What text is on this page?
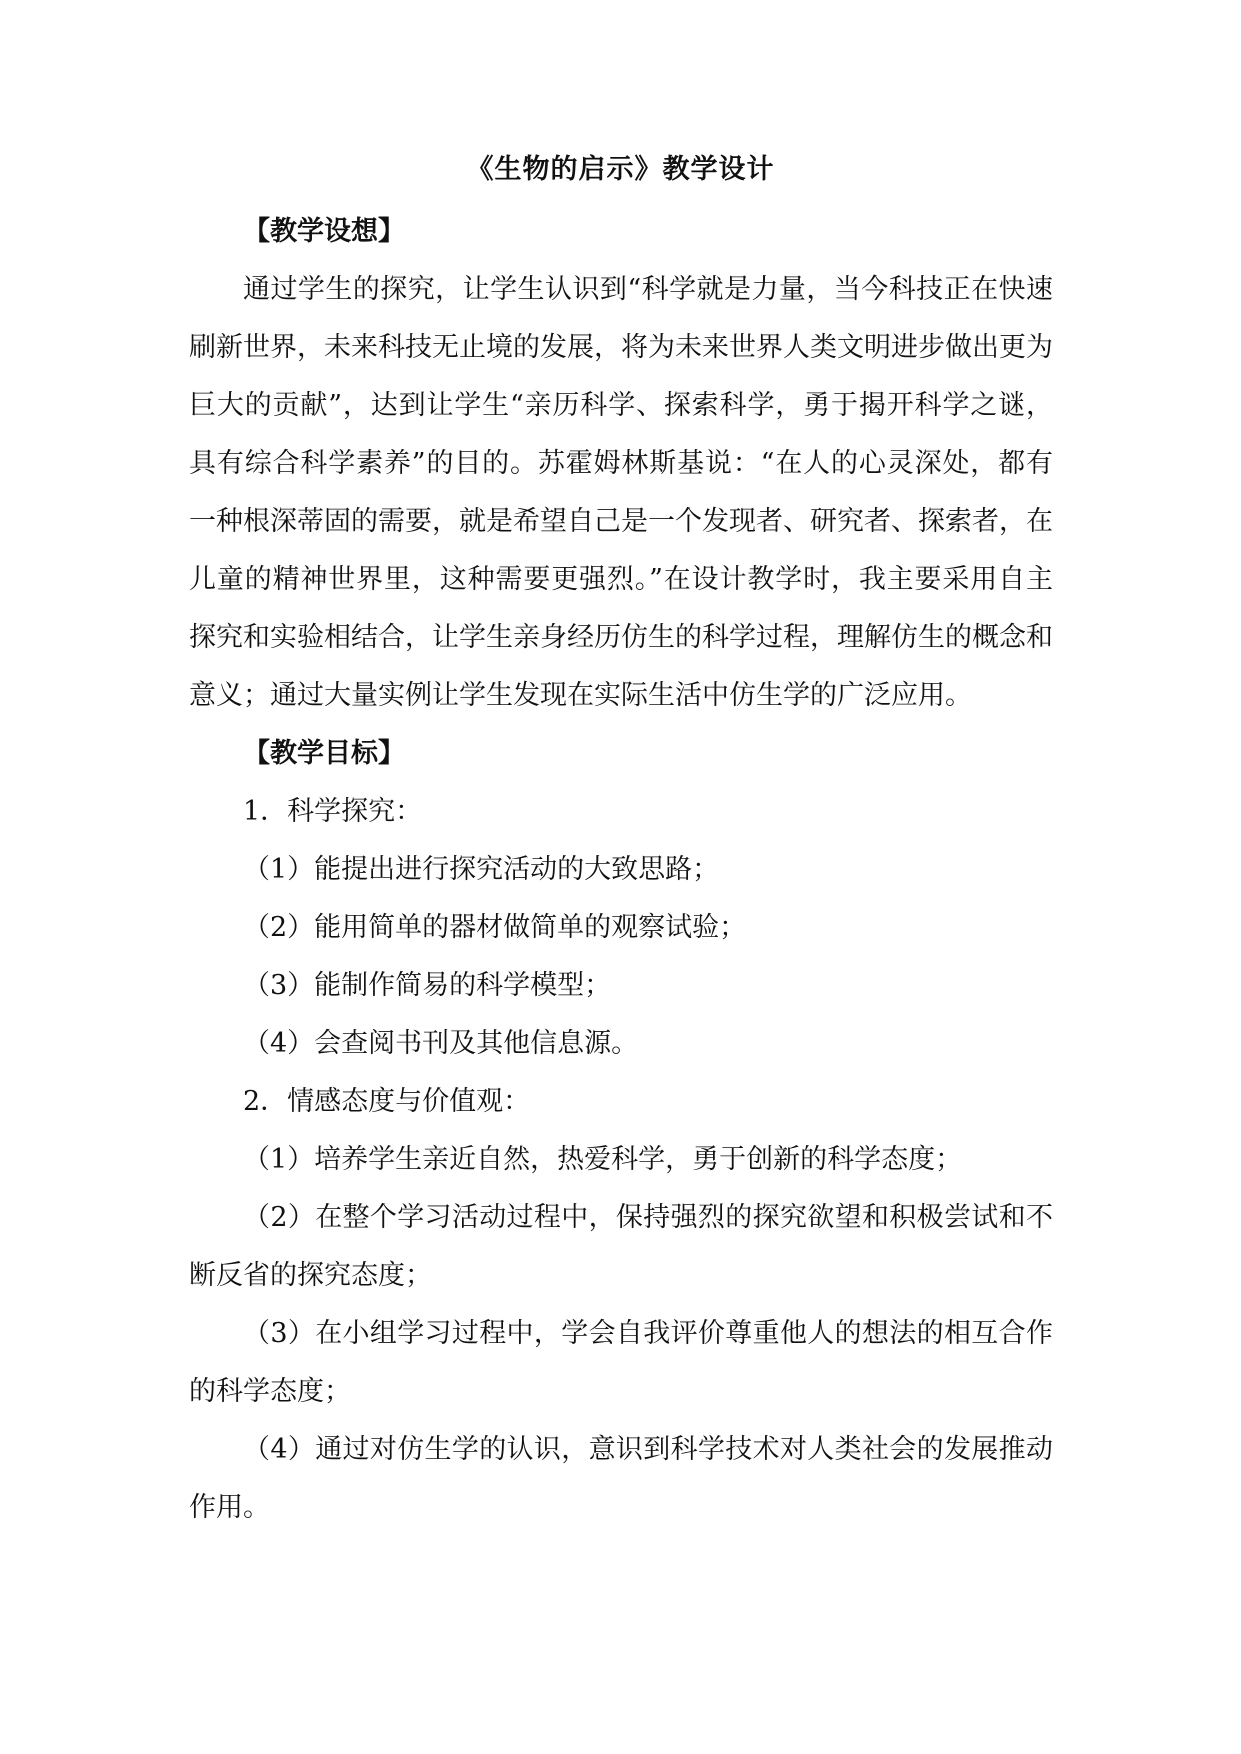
《生物的启示》教学设计
【教学设想】

通过学生的探究，让学生认识到“科学就是力量，当今科技正在快速刷新世界，未来科技无止境的发展，将为未来世界人类文明进步做出更为巨大的贡献”，达到让学生“亲历科学、探索科学，勇于揭开科学之谜，具有综合科学素养”的目的。苏霍姆林斯基说：“在人的心灵深处，都有一种根深蒂固的需要，就是希望自己是一个发现者、研究者、探索者，在儿童的精神世界里，这种需要更强烈。”在设计教学时，我主要采用自主探究和实验相结合，让学生亲身经历仿生的科学过程，理解仿生的概念和意义；通过大量实例让学生发现在实际生活中仿生学的广泛应用。

【教学目标】

1．科学探究：

（1）能提出进行探究活动的大致思路；

（2）能用简单的器材做简单的观察试验；

（3）能制作简易的科学模型；

（4）会查阅书刊及其他信息源。

2．情感态度与价值观：

（1）培养学生亲近自然，热爱科学，勇于创新的科学态度；

（2）在整个学习活动过程中，保持强烈的探究欲望和积极尝试和不断反省的探究态度；

（3）在小组学习过程中，学会自我评价尊重他人的想法的相互合作的科学态度；

（4）通过对仿生学的认识，意识到科学技术对人类社会的发展推动作用。
